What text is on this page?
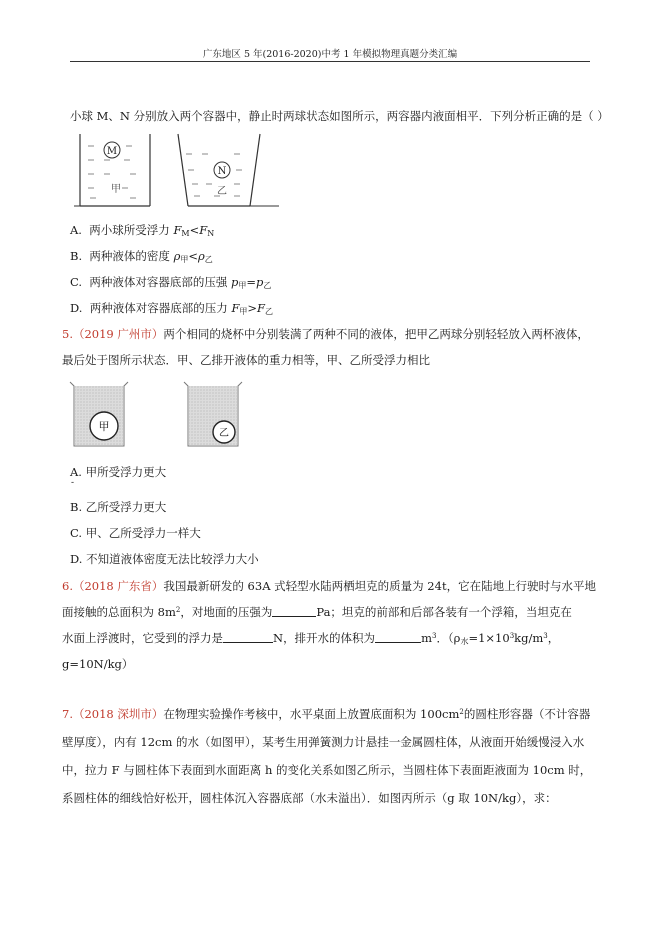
广东地区 5 年(2016-2020)中考 1 年模拟物理真题分类汇编
小球 M、N 分别放入两个容器中，静止时两球状态如图所示，两容器内液面相平．下列分析正确的是（ ）
M
甲
N
乙
A. 两小球所受浮力 $F_M<F_N$
B. 两种液体的密度 $\rho_甲<\rho_乙$
C. 两种液体对容器底部的压强 $p_甲=p_乙$
D. 两种液体对容器底部的压力 $F_甲>F_乙$
5.（2019 广州市）两个相同的烧杯中分别装满了两种不同的液体，把甲乙两球分别轻轻放入两杯液体，
最后处于图所示状态．甲、乙排开液体的重力相等，甲、乙所受浮力相比
甲
乙
A. 甲所受浮力更大
-
B. 乙所受浮力更大
C. 甲、乙所受浮力一样大
D. 不知道液体密度无法比较浮力大小
6.（2018 广东省）我国最新研发的 63A 式轻型水陆两栖坦克的质量为 24t，它在陆地上行驶时与水平地
面接触的总面积为 $8m^2$，对地面的压强为	Pa；坦克的前部和后部各装有一个浮箱，当坦克在
水面上浮渡时，它受到的浮力是	N，排开水的体积为	$m^3$．（$\rho_水=1\times 10^3kg/m^3$，
g=10N/kg）
7.（2018 深圳市）在物理实验操作考核中，水平桌面上放置底面积为 $100cm^2$的圆柱形容器（不计容器
壁厚度），内有 12cm 的水（如图甲），某考生用弹簧测力计悬挂一金属圆柱体，从液面开始缓慢浸入水
中，拉力 F 与圆柱体下表面到水面距离 h 的变化关系如图乙所示，当圆柱体下表面距液面为 10cm 时，
系圆柱体的细线恰好松开，圆柱体沉入容器底部（水未溢出）．如图丙所示（g 取 10N/kg），求：
